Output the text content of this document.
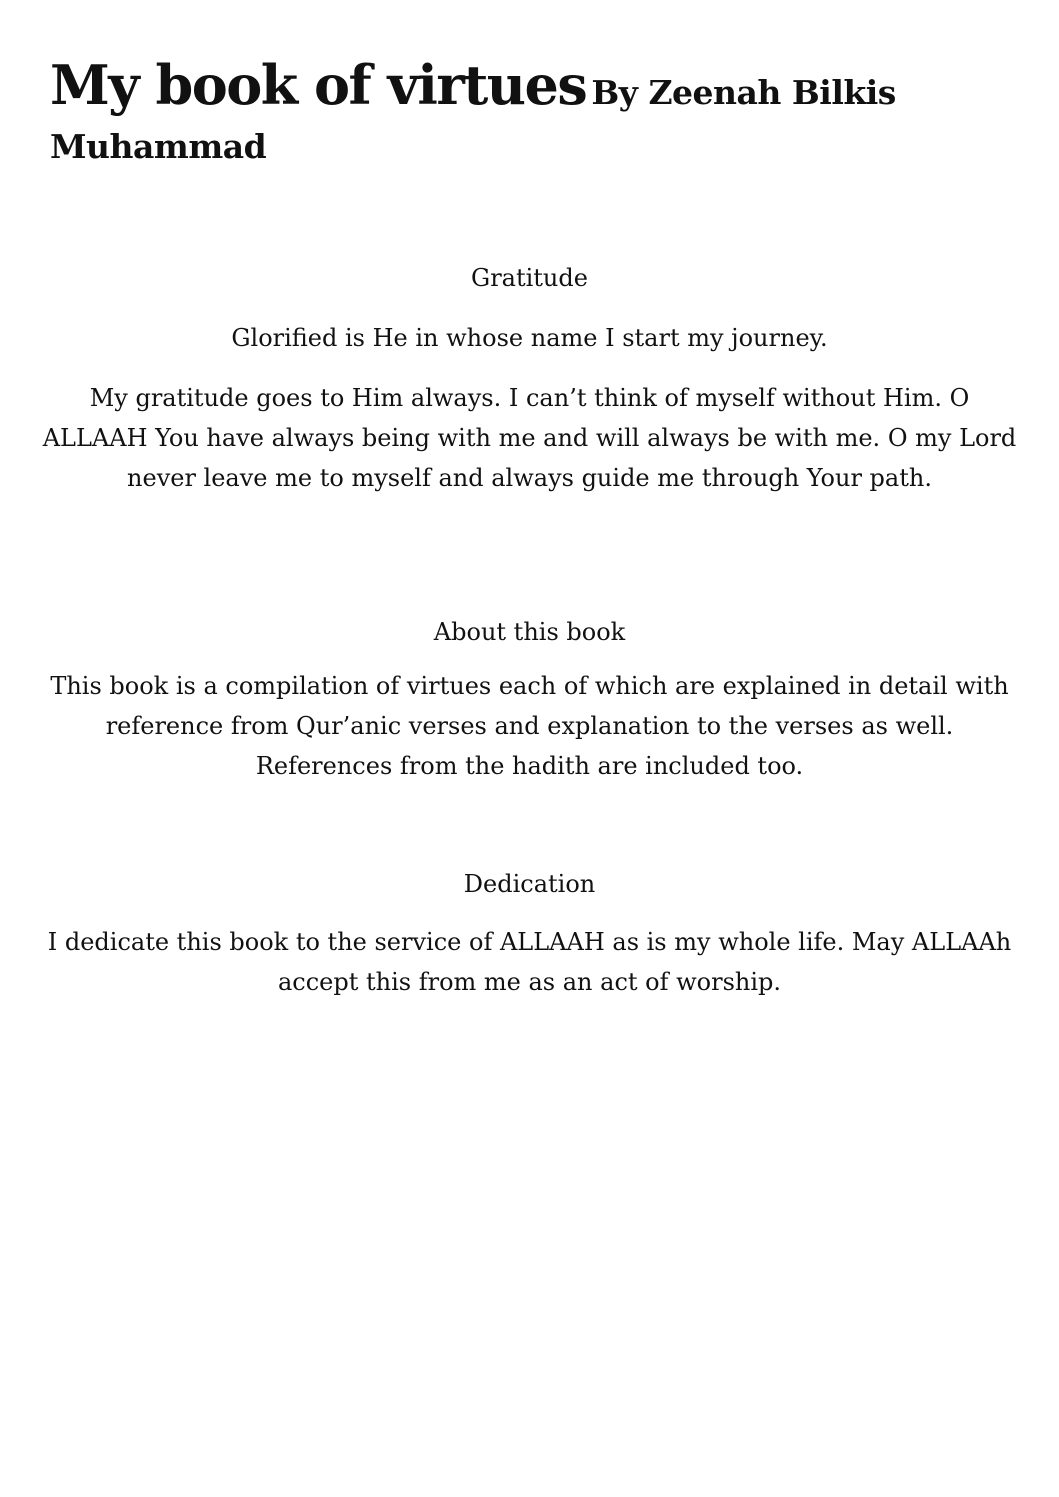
My book of virtues By Zeenah Bilkis
Muhammad

Gratitude

Glorified is He in whose name I start my journey.

My gratitude goes to Him always. I can’t think of myself without Him. O ALLAAH You have always being with me and will always be with me. O my Lord never leave me to myself and always guide me through Your path.

About this book

This book is a compilation of virtues each of which are explained in detail with reference from Qur’anic verses and explanation to the verses as well. References from the hadith are included too.

Dedication

I dedicate this book to the service of ALLAAH as is my whole life. May ALLAAh accept this from me as an act of worship.
